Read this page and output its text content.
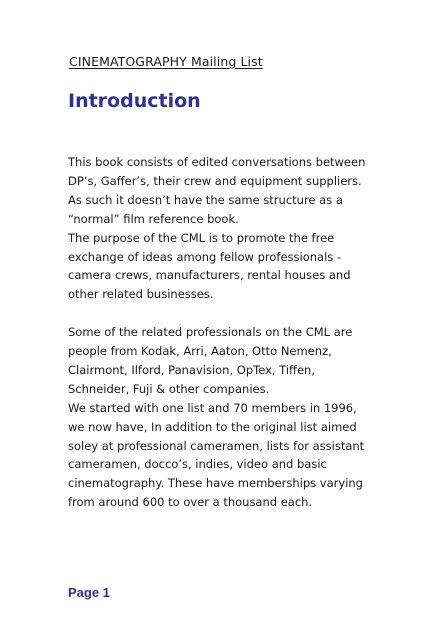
CINEMATOGRAPHY Mailing List
Introduction
This book consists of edited conversations between
DP’s, Gaffer’s, their crew and equipment suppliers.
As such it doesn’t have the same structure as a
“normal” film reference book.
The purpose of the CML is to promote the free
exchange of ideas among fellow professionals -
camera crews, manufacturers, rental houses and
other related businesses.
Some of the related professionals on the CML are
people from Kodak, Arri, Aaton, Otto Nemenz,
Clairmont, Ilford, Panavision, OpTex, Tiffen,
Schneider, Fuji & other companies.
We started with one list and 70 members in 1996,
we now have, In addition to the original list aimed
soley at professional cameramen, lists for assistant
cameramen, docco’s, indies, video and basic
cinematography. These have memberships varying
from around 600 to over a thousand each.
Page 1
